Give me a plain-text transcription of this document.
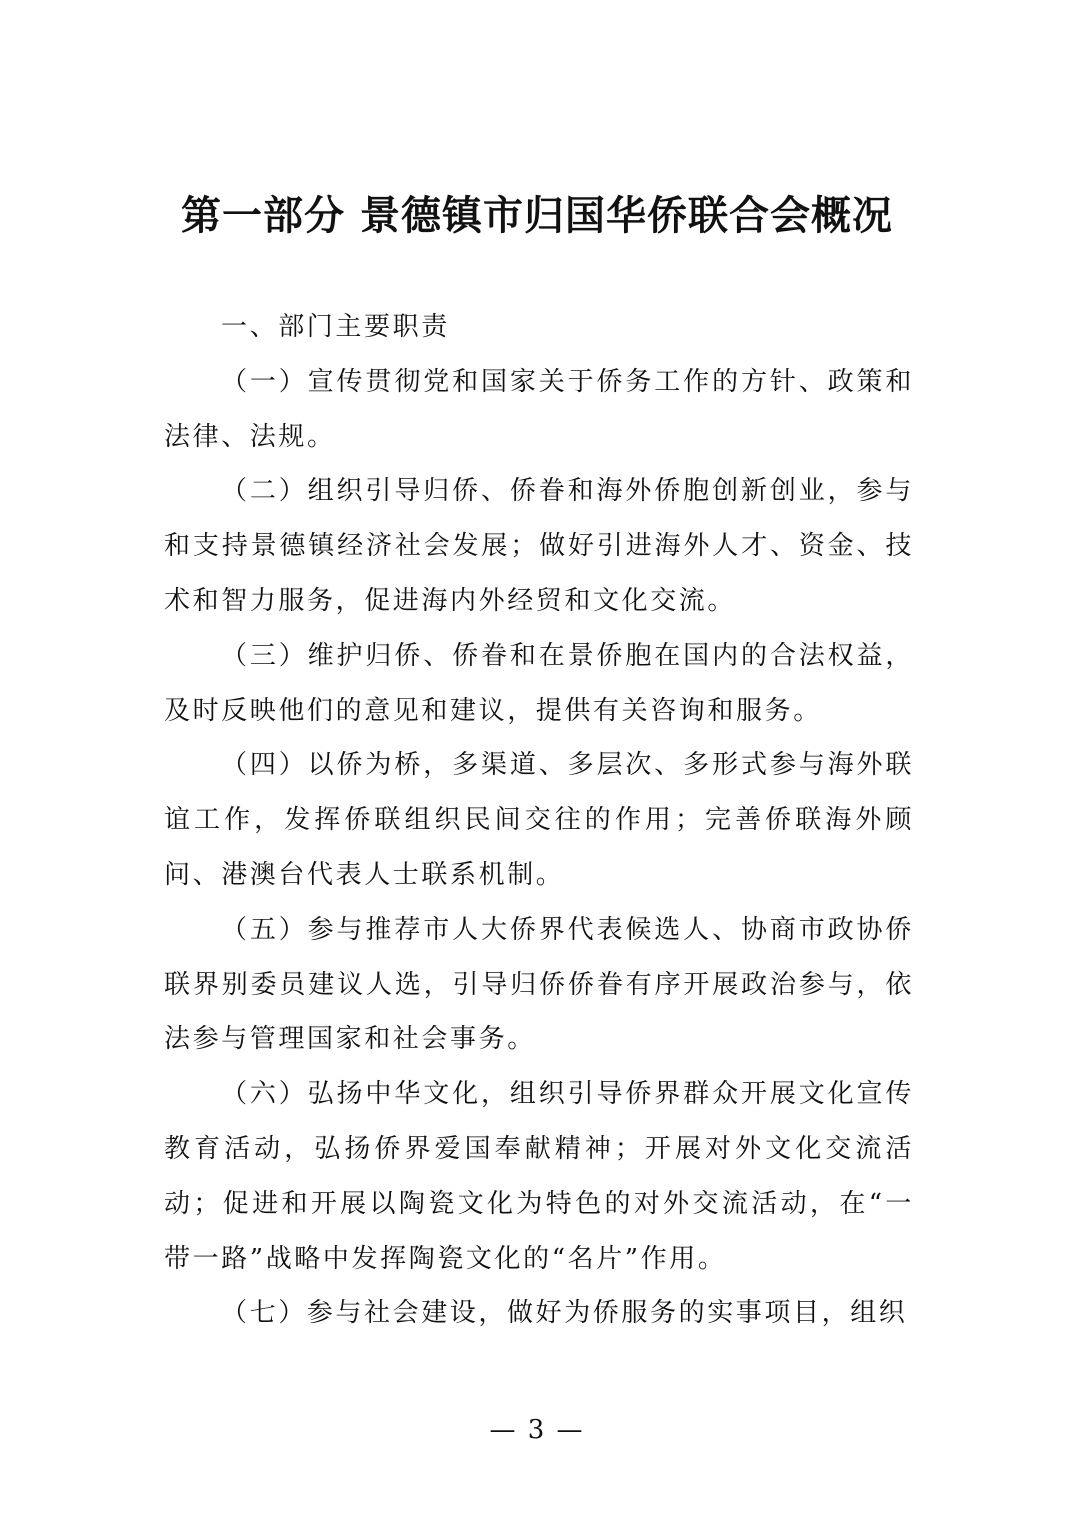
第一部分 景德镇市归国华侨联合会概况

一、部门主要职责

（一）宣传贯彻党和国家关于侨务工作的方针、政策和法律、法规。

（二）组织引导归侨、侨眷和海外侨胞创新创业，参与和支持景德镇经济社会发展；做好引进海外人才、资金、技术和智力服务，促进海内外经贸和文化交流。

（三）维护归侨、侨眷和在景侨胞在国内的合法权益，及时反映他们的意见和建议，提供有关咨询和服务。

（四）以侨为桥，多渠道、多层次、多形式参与海外联谊工作，发挥侨联组织民间交往的作用；完善侨联海外顾问、港澳台代表人士联系机制。

（五）参与推荐市人大侨界代表候选人、协商市政协侨联界别委员建议人选，引导归侨侨眷有序开展政治参与，依法参与管理国家和社会事务。

（六）弘扬中华文化，组织引导侨界群众开展文化宣传教育活动，弘扬侨界爱国奉献精神；开展对外文化交流活动；促进和开展以陶瓷文化为特色的对外交流活动，在“一带一路”战略中发挥陶瓷文化的“名片”作用。

（七）参与社会建设，做好为侨服务的实事项目，组织

— 3 —
